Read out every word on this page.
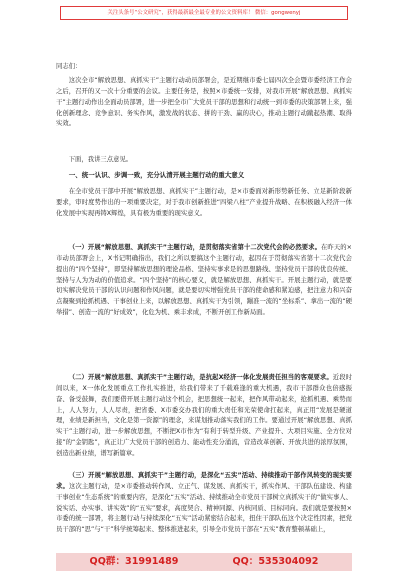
关注头条号“公文研究”，获得最新最全最专业的公文资料库！ 微信：gongwenyj

同志们：

这次全市“解放思想、真抓实干”主题行动动员部署会，是近期继市委七届四次全会暨市委经济工作会之后，召开的又一次十分重要的会议。主要任务是，按照×市委统一安排，对我市开展“解放思想、真抓实干”主题行动作出全面动员部署，进一步把全市广大党员干部的思想和行动统一到市委的决策部署上来，强化创新理念、竞争意识、务实作风，激发战的状态、拼的干劲、赢的决心，推动主题行动蹴起热潮、取得实效。

下面，我讲三点意见。

一、统一认识、步调一致，充分认清开展主题行动的重大意义

在全市党员干部中开展“解放思想、真抓实干”主题行动，是×市委面对新形势新任务、立足新阶段新要求，审时度势作出的一项重要决定，对于我市创新推进“四梁八柱”产业提升战略、在积极融入经济一体化发展中实现再铸X辉煌，具有极为重要的现实意义。

（一）开展“解放思想、真抓实干”主题行动，是贯彻落实省第十二次党代会的必然要求。在昨天的×市动员部署会上，X书记明确指出，我们之所以要搞这个主题行动，起因在于贯彻落实省第十二次党代会提出的“四个坚持”，即坚持解放思想的理论品格、坚持实事求是的思想路线、坚持党员干部的优良传统、坚持与人为为动的价值追求。“四个坚持”的核心要义，就是解放思想、真抓实干。开展主题行动，就是要切实解决党员干部的认识问题和作风问题，就是要切实增强党员干部的使命感和紧迫感，把注意力和兴奋点凝聚到抢抓机遇、干事创业上来，以解放思想、真抓实干为引领，蹦准一流的“坐标系”、拿出一流的“硬举措”、创造一流的“好成效”，化危为机、乘丰求成，不断开创工作新局面。

（二）开展“解放思想、真抓实干”主题行动，是抗起X经济一体化发展责任担当的客观要求。近段时间以来，X一体化发展重点工作扎实推进，给我们带来了千载难逢的重大机遇，我市干部群众也倍感振奋、备受鼓舞，我们要借开展主题行动这个机会，把思想统一起来，把作风带动起来，抢抓机遇、乘势而上，人人努力，人人尽责，把省委、X市委交办我们的重大责任和光荣使命扛起来，真正用“发展是硬道理，业绩是新担当，文化是第一资源”的理念，来谋划推动落实我们的工作。要通过开展“解放思想、真抓实干”主题行动，进一步解放思想，不断把X市作为“有利于转型升级、产业提升、大项目实施、全方位对接”的“金钥匙”，真正让广大党员干部的创造力、能动性充分涌流，营造改革创新、开放共进的浓厚氛围，创造出新业绩，谱写新篇章。

（三）开展“解放思想、真抓实干”主题行动，是深化“五实”活动、持续推动干部作风转变的现实要求。这次主题行动，是×市委推动转作风、立正气、谋发展、真抓实干，抓实作风、干部队伍建设、构建干事创业“生态系统”的重要内容，是深化“五实”活动、持续推动全市党员干部树立真抓实干的“做实事人、说实话、办实事、讲实效”的“五实”要求，高度契合、精神同源、内核同质、目标同向。我们就是要按照×市委的统一部署，将主题行动与持续深化“五实”活动紧密结合起来，扭住干部队伍这个决定性因素，把党员干部的“思”与“干”科学统筹起来、整体推进起来，引导全市党员干部在“五实”教育整顿基础上，

QQ群：31991489	QQ：535304092
